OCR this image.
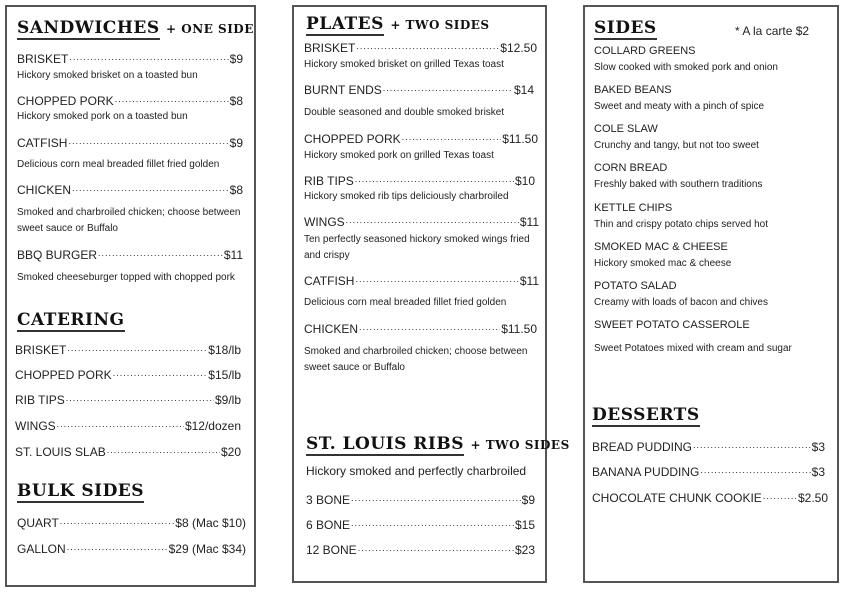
SANDWICHES + ONE SIDE
BRISKET .....	$9
Hickory smoked brisket on a toasted bun
CHOPPED PORK .....	$8
Hickory smoked pork on a toasted bun
CATFISH .....	$9
Delicious corn meal breaded fillet fried golden
CHICKEN .....	$8
Smoked and charbroiled chicken; choose between sweet sauce or Buffalo
BBQ BURGER .....	$11
Smoked cheeseburger topped with chopped pork
CATERING
BRISKET .....	$18/lb
CHOPPED PORK .....	$15/lb
RIB TIPS .....	$9/lb
WINGS .....	$12/dozen
ST. LOUIS SLAB .....	$20
BULK SIDES
QUART .....	$8 (Mac $10)
GALLON .....	$29 (Mac $34)
PLATES + TWO SIDES
BRISKET .....	$12.50
Hickory smoked brisket on grilled Texas toast
BURNT ENDS .....	$14
Double seasoned and double smoked brisket
CHOPPED PORK .....	$11.50
Hickory smoked pork on grilled Texas toast
RIB TIPS .....	$10
Hickory smoked rib tips deliciously charbroiled
WINGS .....	$11
Ten perfectly seasoned hickory smoked wings fried and crispy
CATFISH .....	$11
Delicious corn meal breaded fillet fried golden
CHICKEN .....	$11.50
Smoked and charbroiled chicken; choose between sweet sauce or Buffalo
ST. LOUIS RIBS + TWO SIDES
Hickory smoked and perfectly charbroiled
3 BONE .....	$9
6 BONE .....	$15
12 BONE .....	$23
SIDES	* A la carte $2
COLLARD GREENS
Slow cooked with smoked pork and onion
BAKED BEANS
Sweet and meaty with a pinch of spice
COLE SLAW
Crunchy and tangy, but not too sweet
CORN BREAD
Freshly baked with southern traditions
KETTLE CHIPS
Thin and crispy potato chips served hot
SMOKED MAC & CHEESE
Hickory smoked mac & cheese
POTATO SALAD
Creamy with loads of bacon and chives
SWEET POTATO CASSEROLE
Sweet Potatoes mixed with cream and sugar
DESSERTS
BREAD PUDDING .....	$3
BANANA PUDDING .....	$3
CHOCOLATE CHUNK COOKIE .....	$2.50
